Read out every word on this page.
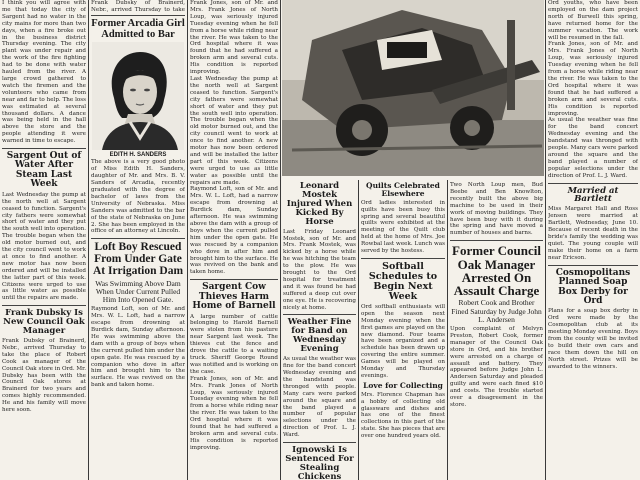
I think you will agree with me that today the city of Sargent had no water in the city mains for more than two days, when a fire broke out in the business district Thursday evening. The city plant was under repair and the work of the fire fighting had to be done with water hauled from the river. A large crowd gathered to watch the firemen and the volunteers who came from near and far to help. The loss was estimated at several thousand dollars. A dance was being held in the hall above the store and the people attending it were warned in time to escape.

Sargent Out of Water After Steam Last Week

Last Wednesday the pump at the north well at Sargent ceased to function. Sargent's city fathers were somewhat short of water and they put the south well into operation. The trouble began when the old motor burned out, and the city council went to work at once to find another. A new motor has now been ordered and will be installed the latter part of this week. Citizens were urged to use as little water as possible until the repairs are made.

Frank Dubsky Is New Council Oak Manager

Frank Dubsky of Brainerd, Nebr., arrived Thursday to take the place of Robert Cook as manager of the Council Oak store in Ord. Mr. Dubsky has been with the Council Oak stores at Brainerd for two years and comes highly recommended. He and his family will move here soon.

Frank Dubsky of Brainerd, Nebr., arrived Thursday to take

Former Arcadia Girl Admitted to Bar
EDITH H. SANDERS

The above is a very good photo of Miss Edith H. Sanders, daughter of Mr. and Mrs. B. V. Sanders of Arcadia, recently graduated with the degree of bachelor of laws from the University of Nebraska. Miss Sanders was admitted to the bar of the state of Nebraska on June 2. She has been employed in the office of an attorney at Lincoln.

Loft Boy Rescued From Under Gate At Irrigation Dam
Was Swimming Above Dam When Under Current Pulled Him Into Opened Gate.

Raymond Loft, son of Mr. and Mrs. W. L. Loft, had a narrow escape from drowning at Burdick dam, Sunday afternoon. He was swimming above the dam with a group of boys when the current pulled him under the open gate. He was rescued by a companion who dove in after him and brought him to the surface. He was revived on the bank and taken home.

Frank Jones, son of Mr. and Mrs. Frank Jones of North Loup, was seriously injured Tuesday evening when he fell from a horse while riding near the river. He was taken to the Ord hospital where it was found that he had suffered a broken arm and several cuts. His condition is reported improving.

Last Wednesday the pump at the north well at Sargent ceased to function. Sargent's city fathers were somewhat short of water and they put the south well into operation. The trouble began when the old motor burned out, and the city council went to work at once to find another. A new motor has now been ordered and will be installed the latter part of this week. Citizens were urged to use as little water as possible until the repairs are made.

Raymond Loft, son of Mr. and Mrs. W. L. Loft, had a narrow escape from drowning at Burdick dam, Sunday afternoon. He was swimming above the dam with a group of boys when the current pulled him under the open gate. He was rescued by a companion who dove in after him and brought him to the surface. He was revived on the bank and taken home.

Sargent Cow Thieves Harm Home of Barnell

A large number of cattle belonging to Harold Barnell were stolen from his pasture near Sargent last week. The thieves cut the fence and drove the cattle to a waiting truck. Sheriff George Round was notified and is working on the case.

Frank Jones, son of Mr. and Mrs. Frank Jones of North Loup, was seriously injured Tuesday evening when he fell from a horse while riding near the river. He was taken to the Ord hospital where it was found that he had suffered a broken arm and several cuts. His condition is reported improving.

Leonard Mostek Injured When Kicked By Horse

Last Friday Leonard Mostek, son of Mr. and Mrs. Frank Mostek, was kicked by a horse while he was hitching the team to the plow. He was brought to the Ord hospital for treatment and it was found he had suffered a deep cut over one eye. He is recovering nicely at home.

Weather Fine for Band on Wednesday Evening

As usual the weather was fine for the band concert Wednesday evening and the bandstand was thronged with people. Many cars were parked around the square and the band played a number of popular selections under the direction of Prof. L. J. Ward.

Ignowski Is Sentenced For Stealing Chickens

Quilts Celebrated Elsewhere

Ord ladies interested in quilts have been busy this spring and several beautiful quilts were exhibited at the meeting of the Quilt club held at the home of Mrs. Joe Rowbal last week. Lunch was served by the hostess.

Softball Schedules to Begin Next Week

Ord softball enthusiasts will open the season next Monday evening when the first games are played on the new diamond. Four teams have been organized and a schedule has been drawn up covering the entire summer. Games will be played on Monday and Thursday evenings.

Love for Collecting

Mrs. Florence Chapman has a hobby of collecting old glassware and dishes and has one of the finest collections in this part of the state. She has pieces that are over one hundred years old.

Two North Loup men, Bud Beebe and Ben Knowlton, recently built the above big machine to be used in their work of moving buildings. They have been busy with it during the spring and have moved a number of houses and barns.

Former Council Oak Manager Arrested On Assault Charge
Robert Cook and Brother Fined Saturday by Judge John L. Andersen

Upon complaint of Melvyn Preston, Robert Cook, former manager of the Council Oak store in Ord, and his brother were arrested on a charge of assault and battery. They appeared before Judge John L. Andersen Saturday and pleaded guilty and were each fined $10 and costs. The trouble started over a disagreement in the store.

Ord youths, who have been employed on the dam project north of Burwell this spring, have returned home for the summer vacation. The work will be resumed in the fall.

Frank Jones, son of Mr. and Mrs. Frank Jones of North Loup, was seriously injured Tuesday evening when he fell from a horse while riding near the river. He was taken to the Ord hospital where it was found that he had suffered a broken arm and several cuts. His condition is reported improving.

As usual the weather was fine for the band concert Wednesday evening and the bandstand was thronged with people. Many cars were parked around the square and the band played a number of popular selections under the direction of Prof. L. J. Ward.

Married at Bartlett

Miss Margaret Hall and Ross Jensen were married at Bartlett, Wednesday, June 10. Because of recent death in the bride's family the wedding was quiet. The young couple will make their home on a farm near Ericson.

Cosmopolitans Planned Soap Box Derby for Ord

Plans for a soap box derby in Ord were made by the Cosmopolitan club at its meeting Monday evening. Boys from the county will be invited to build their own cars and race them down the hill on North street. Prizes will be awarded to the winners.
